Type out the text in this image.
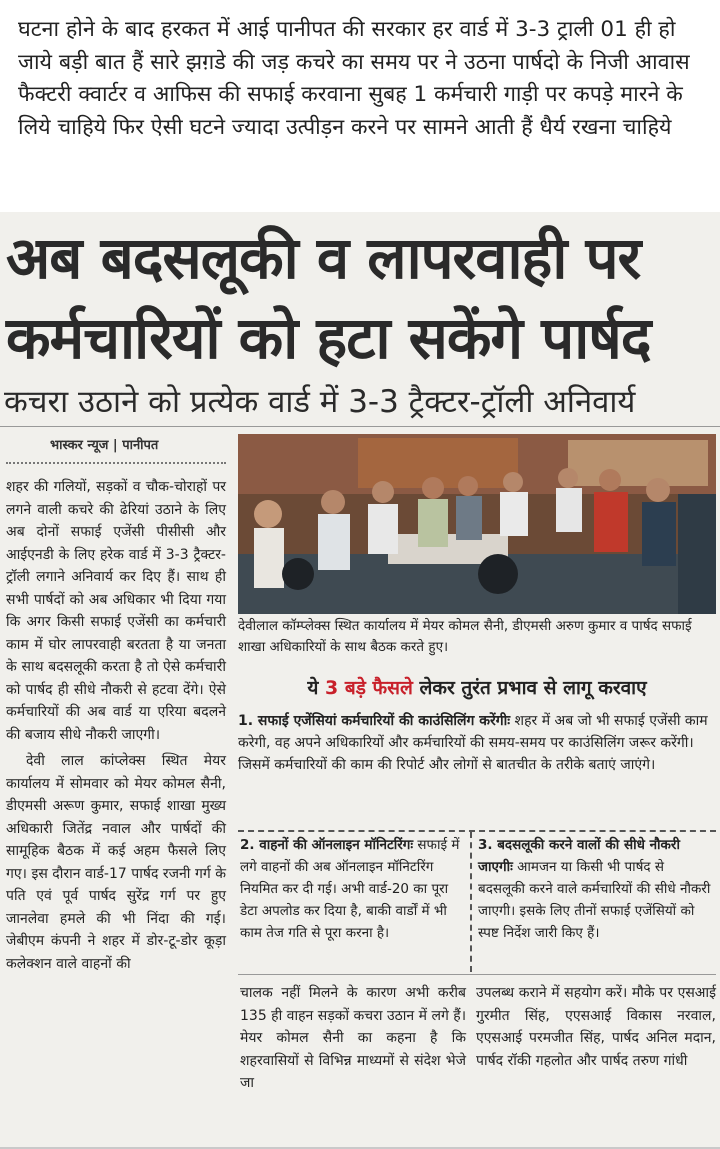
घटना होने के बाद हरकत में आई पानीपत की सरकार हर वार्ड में 3-3 ट्राली 01 ही हो जाये बड़ी बात हैं सारे झग़डे की जड़ कचरे का समय पर ने उठना पार्षदो के निजी आवास फैक्टरी क्वार्टर व आफिस की सफाई करवाना सुबह 1 कर्मचारी गाड़ी पर कपड़े मारने के लिये चाहिये फिर ऐसी घटने ज्यादा उत्पीड़न करने पर सामने आती हैं धैर्य रखना चाहिये

अब बदसलूकी व लापरवाही पर
कर्मचारियों को हटा सकेंगे पार्षद
कचरा उठाने को प्रत्येक वार्ड में 3-3 ट्रैक्टर-ट्रॉली अनिवार्य
भास्कर न्यूज | पानीपत

शहर की गलियों, सड़कों व चौक-चोराहों पर लगने वाली कचरे की ढेरियां उठाने के लिए अब दोनों सफाई एजेंसी पीसीसी और आईएनडी के लिए हरेक वार्ड में 3-3 ट्रैक्टर-ट्रॉली लगाने अनिवार्य कर दिए हैं। साथ ही सभी पार्षदों को अब अधिकार भी दिया गया कि अगर किसी सफाई एजेंसी का कर्मचारी काम में घोर लापरवाही बरतता है या जनता के साथ बदसलूकी करता है तो ऐसे कर्मचारी को पार्षद ही सीधे नौकरी से हटवा देंगे। ऐसे कर्मचारियों की अब वार्ड या एरिया बदलने की बजाय सीधे नौकरी जाएगी।

देवी लाल कांप्लेक्स स्थित मेयर कार्यालय में सोमवार को मेयर कोमल सैनी, डीएमसी अरूण कुमार, सफाई शाखा मुख्य अधिकारी जितेंद्र नवाल और पार्षदों की सामूहिक बैठक में कई अहम फैसले लिए गए। इस दौरान वार्ड-17 पार्षद रजनी गर्ग के पति एवं पूर्व पार्षद सुरेंद्र गर्ग पर हुए जानलेवा हमले की भी निंदा की गई। जेबीएम कंपनी ने शहर में डोर-टू-डोर कूड़ा कलेक्शन वाले वाहनों की

देवीलाल कॉम्प्लेक्स स्थित कार्यालय में मेयर कोमल सैनी, डीएमसी अरुण कुमार व पार्षद सफाई शाखा अधिकारियों के साथ बैठक करते हुए।
ये 3 बड़े फैसले लेकर तुरंत प्रभाव से लागू करवाए
1. सफाई एजेंसियां कर्मचारियों की काउंसिलिंग करेंगीः शहर में अब जो भी सफाई एजेंसी काम करेगी, वह अपने अधिकारियों और कर्मचारियों की समय-समय पर काउंसिलिंग जरूर करेंगी। जिसमें कर्मचारियों की काम की रिपोर्ट और लोगों से बातचीत के तरीके बताएं जाएंगे।
2. वाहनों की ऑनलाइन मॉनिटरिंगः सफाई में लगे वाहनों की अब ऑनलाइन मॉनिटरिंग नियमित कर दी गई। अभी वार्ड-20 का पूरा डेटा अपलोड कर दिया है, बाकी वार्डों में भी काम तेज गति से पूरा करना है।
3. बदसलूकी करने वालों की सीधे नौकरी जाएगीः आमजन या किसी भी पार्षद से बदसलूकी करने वाले कर्मचारियों की सीधे नौकरी जाएगी। इसके लिए तीनों सफाई एजेंसियों को स्पष्ट निर्देश जारी किए हैं।
चालक नहीं मिलने के कारण अभी करीब 135 ही वाहन सड़कों कचरा उठान में लगे हैं। मेयर कोमल सैनी का कहना है कि शहरवासियों से विभिन्न माध्यमों से संदेश भेजे जा
उपलब्ध कराने में सहयोग करें। मौके पर एसआई गुरमीत सिंह, एएसआई विकास नरवाल, एएसआई परमजीत सिंह, पार्षद अनिल मदान, पार्षद रॉकी गहलोत और पार्षद तरुण गांधी
